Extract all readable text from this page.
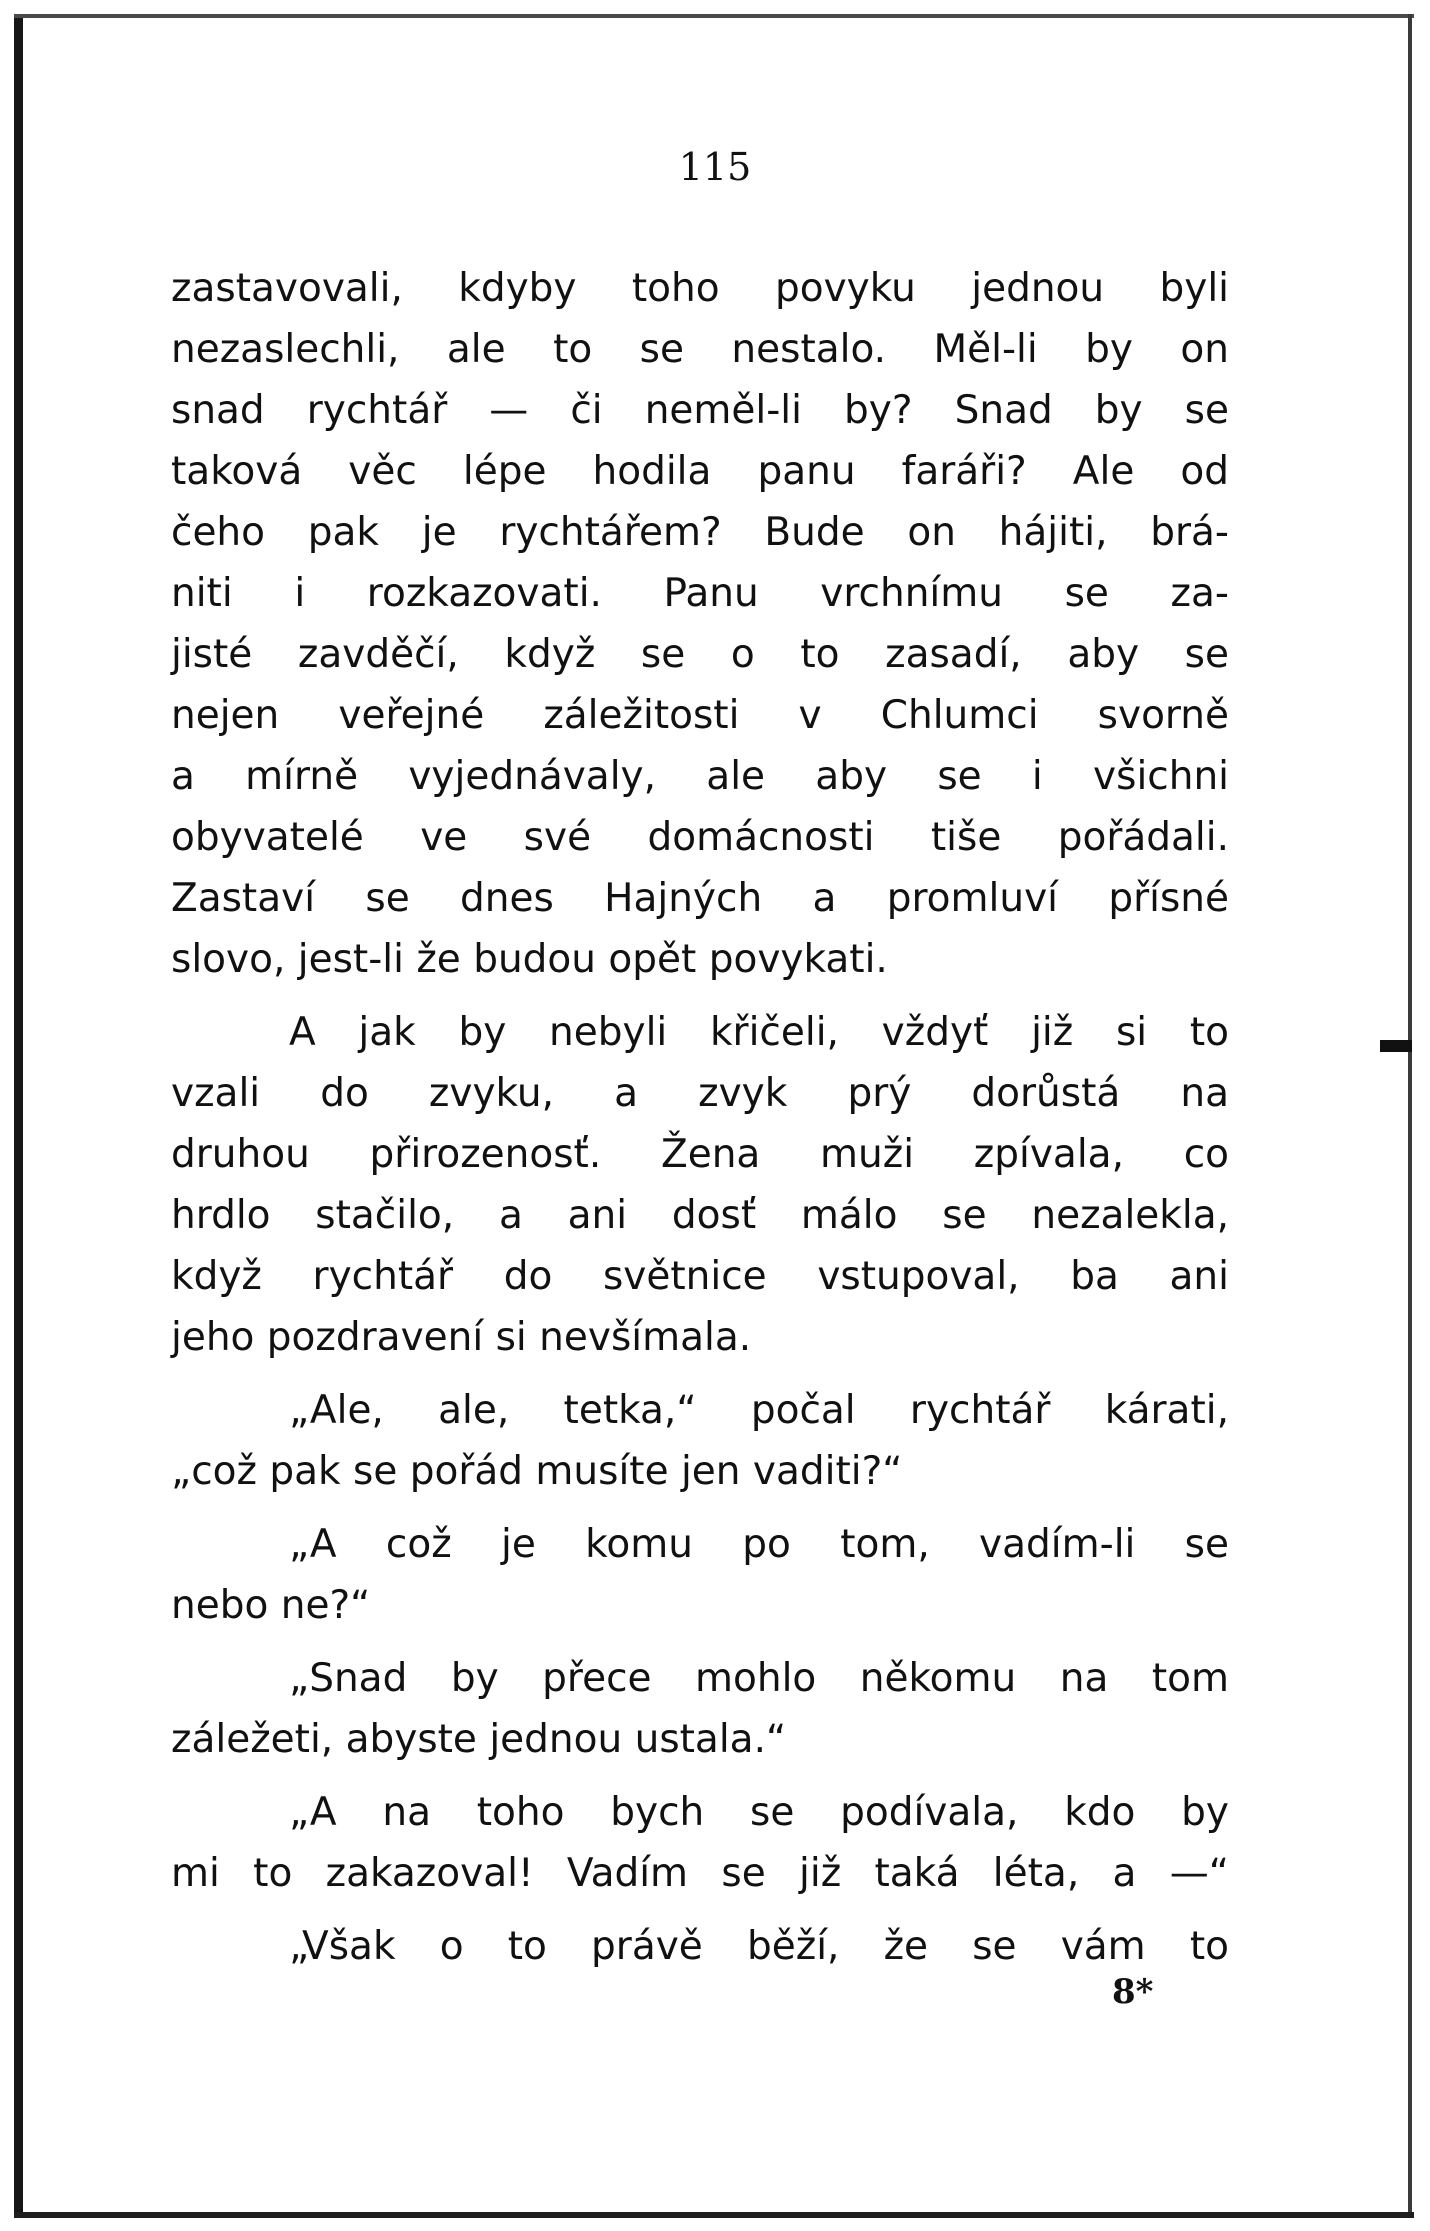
115
zastavovali, kdyby toho povyku jednou byli
nezaslechli, ale to se nestalo. Měl-li by on
snad rychtář — či neměl-li by? Snad by se
taková věc lépe hodila panu faráři? Ale od
čeho pak je rychtářem? Bude on hájiti, brá-
niti i rozkazovati. Panu vrchnímu se za-
jisté zavděčí, když se o to zasadí, aby se
nejen veřejné záležitosti v Chlumci svorně
a mírně vyjednávaly, ale aby se i všichni
obyvatelé ve své domácnosti tiše pořádali.
Zastaví se dnes Hajných a promluví přísné
slovo, jest-li že budou opět povykati.
A jak by nebyli křičeli, vždyť již si to
vzali do zvyku, a zvyk prý dorůstá na
druhou přirozenosť. Žena muži zpívala, co
hrdlo stačilo, a ani dosť málo se nezalekla,
když rychtář do světnice vstupoval, ba ani
jeho pozdravení si nevšímala.
„Ale, ale, tetka,“ počal rychtář kárati,
„což pak se pořád musíte jen vaditi?“
„A což je komu po tom, vadím-li se
nebo ne?“
„Snad by přece mohlo někomu na tom
záležeti, abyste jednou ustala.“
„A na toho bych se podívala, kdo by
mi to zakazoval! Vadím se již taká léta, a —“
„Však o to právě běží, že se vám to
8*
